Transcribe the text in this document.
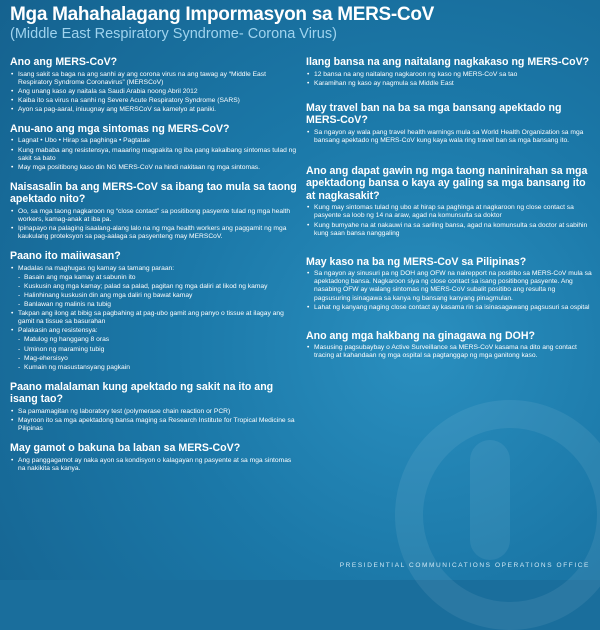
Mga Mahahalagang Impormasyon sa MERS-CoV
(Middle East Respiratory Syndrome- Corona Virus)
Ano ang MERS-CoV?
• Isang sakit sa baga na ang sanhi ay ang corona virus na ang tawag ay “Middle East Respiratory Syndrome Coronavirus” (MERSCoV)
• Ang unang kaso ay naitala sa Saudi Arabia noong Abril 2012
• Kaiba ito sa virus na sanhi ng Severe Acute Respiratory Syndrome (SARS)
• Ayon sa pag-aaral, iniuugnay ang MERSCoV sa kamelyo at paniki.
Anu-ano ang mga sintomas ng MERS-CoV?
• Lagnat • Ubo • Hirap sa paghinga • Pagtatae
• Kung mababa ang resistensya, maaaring magpakita ng iba pang kakaibang sintomas tulad ng sakit sa bato
• May mga positibong kaso din NG MERS-CoV na hindi nakitaan ng mga sintomas.
Naisasalin ba ang MERS-CoV sa ibang tao mula sa taong apektado nito?
• Oo, sa mga taong nagkaroon ng “close contact” sa positibong pasyente tulad ng mga health workers, kamag-anak at iba pa.
• Ipinapayo na palaging isaalang-alang lalo na ng mga health workers ang paggamit ng mga kaukulang proteksyon sa pag-aalaga sa pasyenteng may MERSCoV.
Paano ito maiiwasan?
• Madalas na maghugas ng kamay sa tamang paraan:
- Basain ang mga kamay at sabunin ito
- Kuskusin ang mga kamay; palad sa palad, pagitan ng mga daliri at likod ng kamay
- Halinhinang kuskusin din ang mga daliri ng bawat kamay
- Banlawan ng malinis na tubig
• Takpan ang ilong at bibig sa pagbahing at pag-ubo gamit ang panyo o tissue at ilagay ang gamit na tissue sa basurahan
• Palakasin ang resistensya:
- Matulog ng hanggang 8 oras
- Uminon ng maraming tubig
- Mag-ehersisyo
- Kumain ng masustansyang pagkain
Paano malalaman kung apektado ng sakit na ito ang isang tao?
• Sa pamamagitan ng laboratory test (polymerase chain reaction or PCR)
• Mayroon ito sa mga apektadong bansa maging sa Research Institute for Tropical Medicine sa Pilipinas
May gamot o bakuna ba laban sa MERS-CoV?
• Ang panggagamot ay naka ayon sa kondisyon o kalagayan ng pasyente at sa mga sintomas na nakikita sa kanya.
Ilang bansa na ang naitalang nagkakaso ng MERS-CoV?
• 12 bansa na ang naitalang nagkaroon ng kaso ng MERS-CoV sa tao
• Karamihan ng kaso ay nagmula sa Middle East
May travel ban na ba sa mga bansang apektado ng MERS-CoV?
• Sa ngayon ay wala pang travel health warnings mula sa World Health Organization sa mga bansang apektado ng MERS-CoV kung kaya wala ring travel ban sa mga bansang ito.
Ano ang dapat gawin ng mga taong naninirahan sa mga apektadong bansa o kaya ay galing sa mga bansang ito at nagkasakit?
• Kung may sintomas tulad ng ubo at hirap sa paghinga at nagkaroon ng close contact sa pasyente sa loob ng 14 na araw, agad na komunsulta sa doktor
• Kung bumyahe na at nakauwi na sa sariling bansa, agad na komunsulta sa doctor at sabihin kung saan bansa nanggaling
May kaso na ba ng MERS-CoV sa Pilipinas?
• Sa ngayon ay sinusuri pa ng DOH ang OFW na nairepport na positibo sa MERS-CoV mula sa apektadong bansa. Nagkaroon siya ng close contact sa isang positibong pasyente. Ang nasabing OFW ay walang sintomas ng MERS-CoV subalit positibo ang resulta ng pagsusuring isinagawa sa kanya ng bansang kanyang pinagmulan.
• Lahat ng kanyang naging close contact ay kasama rin sa isinasagawang pagsusuri sa ospital
Ano ang mga hakbang na ginagawa ng DOH?
• Masusing pagsubaybay o Active Surveillance sa MERS-CoV kasama na dito ang contact tracing at kahandaan ng mga ospital sa pagtanggap ng mga ganitong kaso.
PRESIDENTIAL COMMUNICATIONS OPERATIONS OFFICE
